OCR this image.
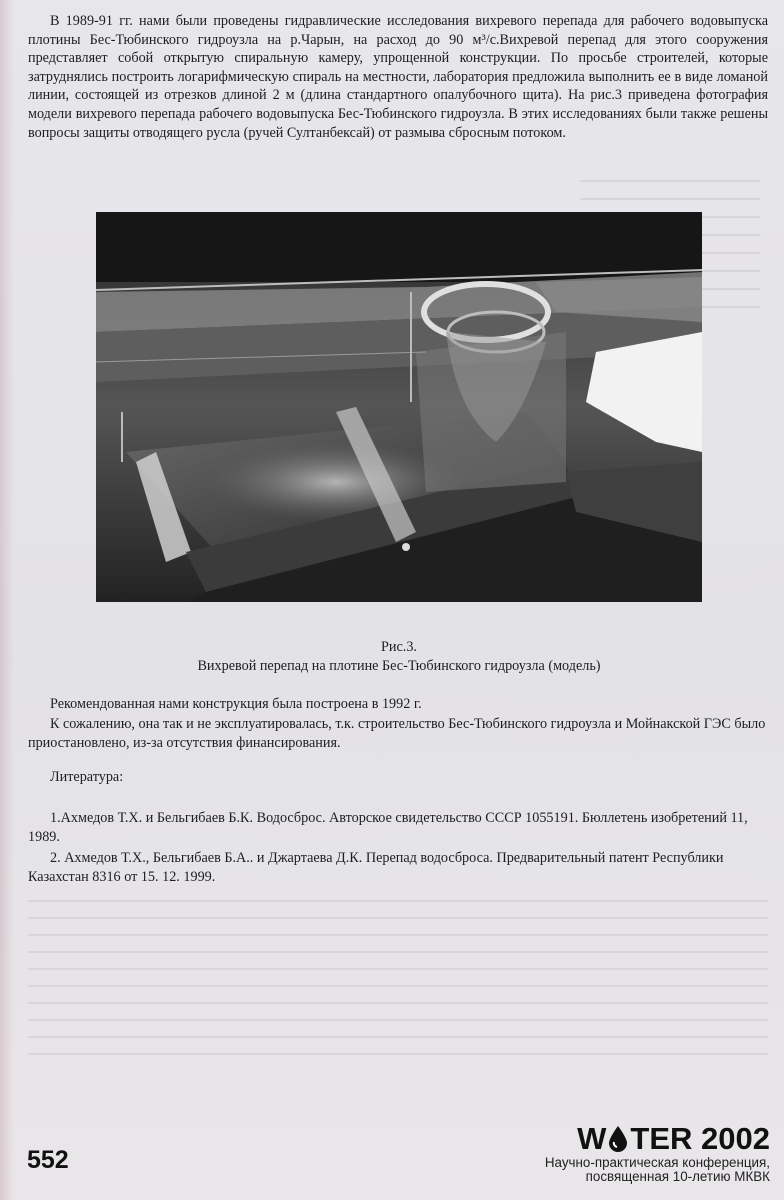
В 1989-91 гг. нами были проведены гидравлические исследования вихревого перепада для рабочего водовыпуска плотины Бес-Тюбинского гидроузла на р.Чарын, на расход до 90 м³/с.Вихревой перепад для этого сооружения представляет собой открытую спиральную камеру, упрощенной конструкции. По просьбе строителей, которые затруднялись построить логарифмическую спираль на местности, лаборатория предложила выполнить ее в виде ломаной линии, состоящей из отрезков длиной 2 м (длина стандартного опалубочного щита). На рис.3 приведена фотография модели вихревого перепада рабочего водовыпуска Бес-Тюбинского гидроузла. В этих исследованиях были также решены вопросы защиты отводящего русла (ручей Султанбексай) от размыва сбросным потоком.

Рис.3.
Вихревой перепад на плотине Бес-Тюбинского гидроузла (модель)

Рекомендованная нами конструкция была построена в 1992 г.

К сожалению, она так и не эксплуатировалась, т.к. строительство Бес-Тюбинского гидроузла и Мойнакской ГЭС было приостановлено, из-за отсутствия финансирования.

Литература:

1.Ахмедов Т.Х. и Бельгибаев Б.К. Водосброс. Авторское свидетельство СССР 1055191. Бюллетень изобретений 11, 1989.

2. Ахмедов Т.Х., Бельгибаев Б.А.. и Джартаева Д.К. Перепад водосброса. Предварительный патент Республики Казахстан 8316 от 15. 12. 1999.

552
W TER 2002
Научно-практическая конференция,
посвященная 10-летию МКВК
